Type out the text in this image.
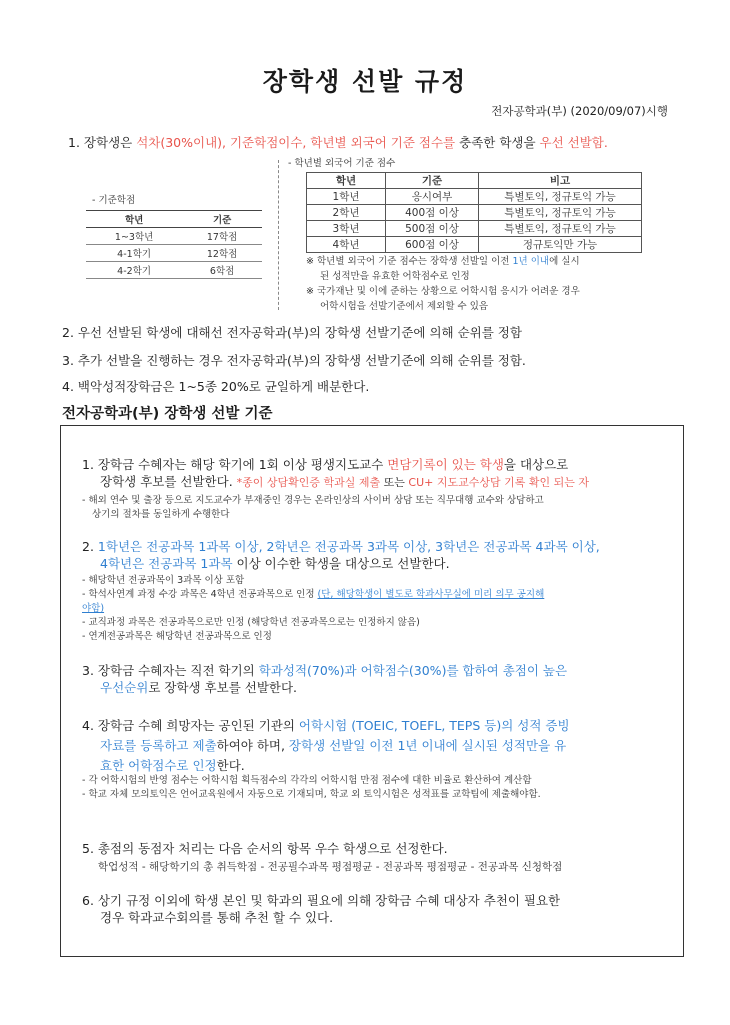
장학생 선발 규정
전자공학과(부) (2020/09/07)시행
1. 장학생은 석차(30%이내), 기준학점이수, 학년별 외국어 기준 점수를 충족한 학생을 우선 선발함.
- 기준학점
학년	기준
1~3학년	17학점
4-1학기	12학점
4-2학기	6학점
- 학년별 외국어 기준 점수
학년	기준	비고
1학년	응시여부	특별토익, 정규토익 가능
2학년	400점 이상	특별토익, 정규토익 가능
3학년	500점 이상	특별토익, 정규토익 가능
4학년	600점 이상	정규토익만 가능
※ 학년별 외국어 기준 점수는 장학생 선발일 이전 1년 이내에 실시
된 성적만을 유효한 어학점수로 인정
※ 국가재난 및 이에 준하는 상황으로 어학시험 응시가 어려운 경우
어학시험을 선발기준에서 제외할 수 있음
2. 우선 선발된 학생에 대해선 전자공학과(부)의 장학생 선발기준에 의해 순위를 정함
3. 추가 선발을 진행하는 경우 전자공학과(부)의 장학생 선발기준에 의해 순위를 정함.
4. 백악성적장학금은 1~5종 20%로 균일하게 배분한다.
전자공학과(부) 장학생 선발 기준
1. 장학금 수혜자는 해당 학기에 1회 이상 평생지도교수 면담기록이 있는 학생을 대상으로
장학생 후보를 선발한다. *종이 상담확인증 학과실 제출 또는 CU+ 지도교수상담 기록 확인 되는 자
- 해외 연수 및 출장 등으로 지도교수가 부재중인 경우는 온라인상의 사이버 상담 또는 직무대행 교수와 상담하고
상기의 절차를 동일하게 수행한다
2. 1학년은 전공과목 1과목 이상, 2학년은 전공과목 3과목 이상, 3학년은 전공과목 4과목 이상,
4학년은 전공과목 1과목 이상 이수한 학생을 대상으로 선발한다.
- 해당학년 전공과목이 3과목 이상 포함
- 학석사연계 과정 수강 과목은 4학년 전공과목으로 인정 (단, 해당학생이 별도로 학과사무실에 미리 의무 공지해
야함)
- 교직과정 과목은 전공과목으로만 인정 (해당학년 전공과목으로는 인정하지 않음)
- 연계전공과목은 해당학년 전공과목으로 인정
3. 장학금 수혜자는 직전 학기의 학과성적(70%)과 어학점수(30%)를 합하여 총점이 높은
우선순위로 장학생 후보를 선발한다.
4. 장학금 수혜 희망자는 공인된 기관의 어학시험 (TOEIC, TOEFL, TEPS 등)의 성적 증빙
자료를 등록하고 제출하여야 하며, 장학생 선발일 이전 1년 이내에 실시된 성적만을 유
효한 어학점수로 인정한다.
- 각 어학시험의 반영 점수는 어학시험 획득점수의 각각의 어학시험 만점 점수에 대한 비율로 환산하여 계산함
- 학교 자체 모의토익은 언어교육원에서 자동으로 기재되며, 학교 외 토익시험은 성적표를 교학팀에 제출해야함.
5. 총점의 동점자 처리는 다음 순서의 항목 우수 학생으로 선정한다.
학업성적 - 해당학기의 총 취득학점 - 전공필수과목 평점평균 - 전공과목 평점평균 - 전공과목 신청학점
6. 상기 규정 이외에 학생 본인 및 학과의 필요에 의해 장학금 수혜 대상자 추천이 필요한
경우 학과교수회의를 통해 추천 할 수 있다.
